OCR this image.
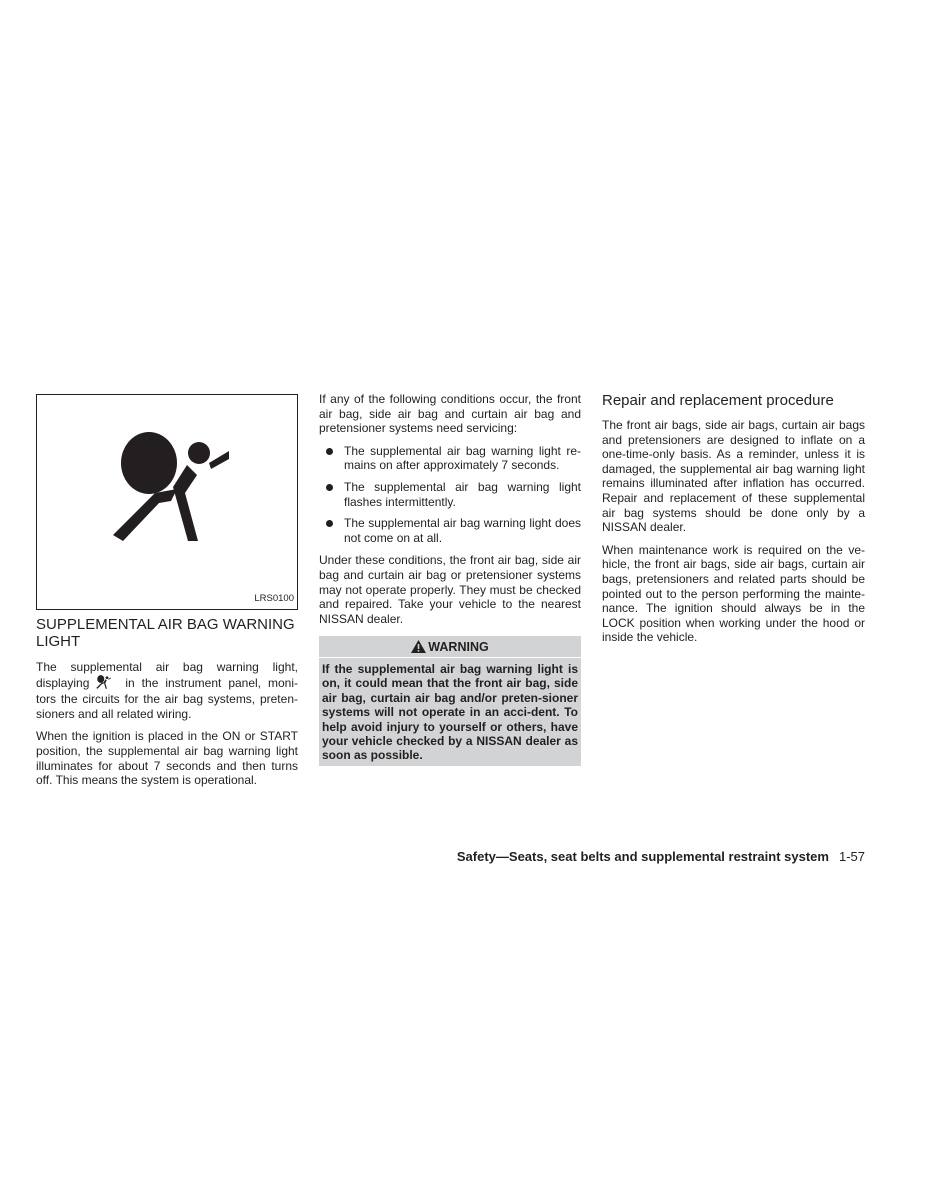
LRS0100
SUPPLEMENTAL AIR BAG WARNING LIGHT

The supplemental air bag warning light, displaying	in the instrument panel, moni-tors the circuits for the air bag systems, preten-sioners and all related wiring.

When the ignition is placed in the ON or START position, the supplemental air bag warning light illuminates for about 7 seconds and then turns off. This means the system is operational.

If any of the following conditions occur, the front air bag, side air bag and curtain air bag and pretensioner systems need servicing:

The supplemental air bag warning light re-mains on after approximately 7 seconds.
The supplemental air bag warning light flashes intermittently.
The supplemental air bag warning light does not come on at all.

Under these conditions, the front air bag, side air bag and curtain air bag or pretensioner systems may not operate properly. They must be checked and repaired. Take your vehicle to the nearest NISSAN dealer.

WARNING
If the supplemental air bag warning light is on, it could mean that the front air bag, side air bag, curtain air bag and/or preten-sioner systems will not operate in an acci-dent. To help avoid injury to yourself or others, have your vehicle checked by a NISSAN dealer as soon as possible.
Repair and replacement procedure

The front air bags, side air bags, curtain air bags and pretensioners are designed to inflate on a one-time-only basis. As a reminder, unless it is damaged, the supplemental air bag warning light remains illuminated after inflation has occurred. Repair and replacement of these supplemental air bag systems should be done only by a NISSAN dealer.

When maintenance work is required on the ve-hicle, the front air bags, side air bags, curtain air bags, pretensioners and related parts should be pointed out to the person performing the mainte-nance. The ignition should always be in the LOCK position when working under the hood or inside the vehicle.

Safety—Seats, seat belts and supplemental restraint system 1-57
